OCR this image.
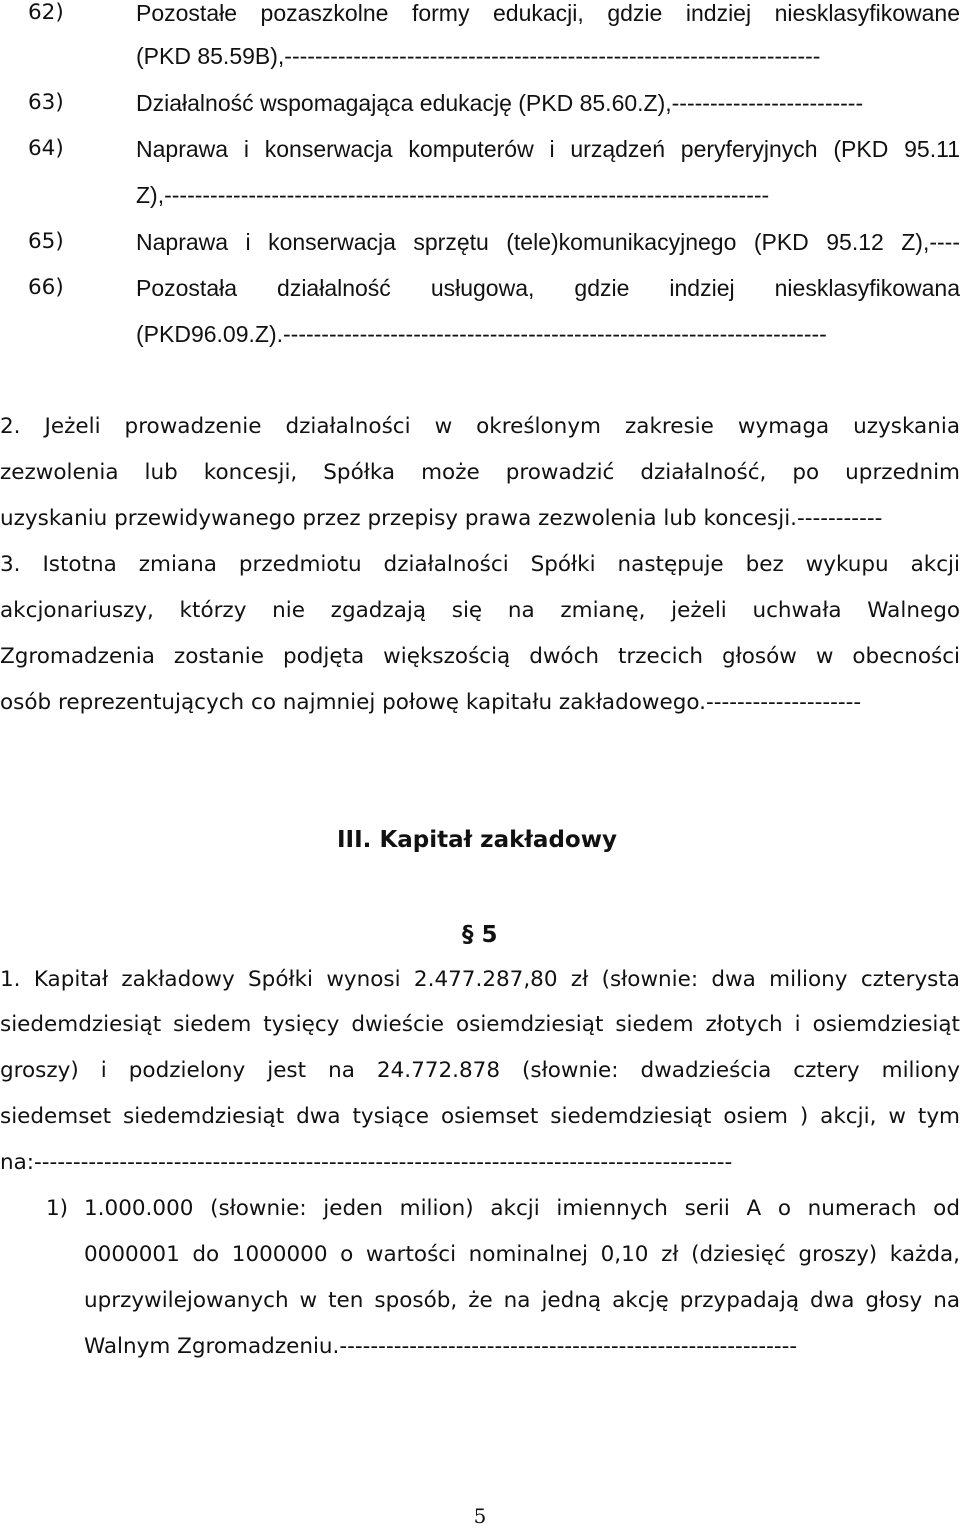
62)	Pozostałe pozaszkolne formy edukacji, gdzie indziej niesklasyfikowane
(PKD 85.59B),----------------------------------------------------------------------
63)	Działalność wspomagająca edukację (PKD 85.60.Z),-------------------------
64)	Naprawa i konserwacja komputerów i urządzeń peryferyjnych (PKD 95.11
Z),-------------------------------------------------------------------------------
65)	Naprawa i konserwacja sprzętu (tele)komunikacyjnego (PKD 95.12 Z),----
66)	Pozostała działalność usługowa, gdzie indziej niesklasyfikowana
(PKD96.09.Z).-----------------------------------------------------------------------
2. Jeżeli prowadzenie działalności w określonym zakresie wymaga uzyskania
zezwolenia lub koncesji, Spółka może prowadzić działalność, po uprzednim
uzyskaniu przewidywanego przez przepisy prawa zezwolenia lub koncesji.-----------
3. Istotna zmiana przedmiotu działalności Spółki następuje bez wykupu akcji
akcjonariuszy, którzy nie zgadzają się na zmianę, jeżeli uchwała Walnego
Zgromadzenia zostanie podjęta większością dwóch trzecich głosów w obecności
osób reprezentujących co najmniej połowę kapitału zakładowego.--------------------
III. Kapitał zakładowy
§ 5
1. Kapitał zakładowy Spółki wynosi 2.477.287,80 zł (słownie: dwa miliony czterysta
siedemdziesiąt siedem tysięcy dwieście osiemdziesiąt siedem złotych i osiemdziesiąt
groszy) i podzielony jest na 24.772.878 (słownie: dwadzieścia cztery miliony
siedemset siedemdziesiąt dwa tysiące osiemset siedemdziesiąt osiem ) akcji, w tym
na:------------------------------------------------------------------------------------------
1) 1.000.000 (słownie: jeden milion) akcji imiennych serii A o numerach od
0000001 do 1000000 o wartości nominalnej 0,10 zł (dziesięć groszy) każda,
uprzywilejowanych w ten sposób, że na jedną akcję przypadają dwa głosy na
Walnym Zgromadzeniu.-----------------------------------------------------------
5
